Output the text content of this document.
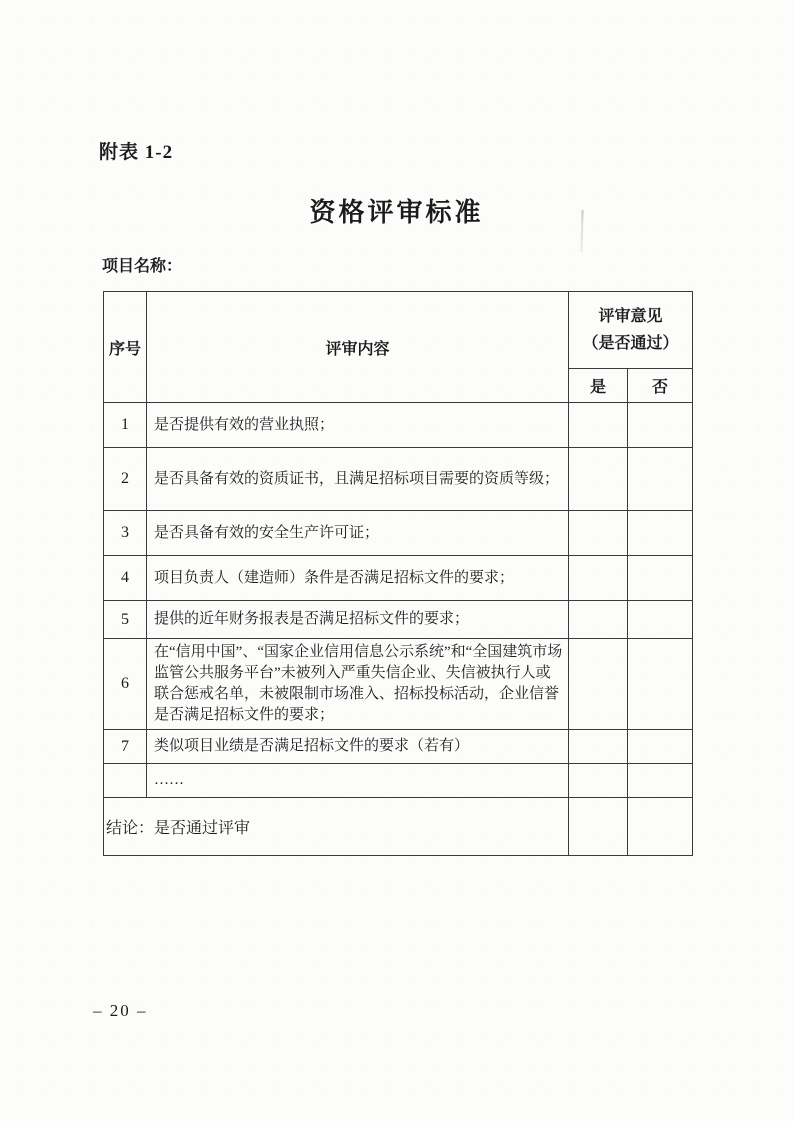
附表 1-2
资格评审标准
项目名称：
序号	评审内容	评审意见
（是否通过）	

		是	否
1	是否提供有效的营业执照；		
2	是否具备有效的资质证书，且满足招标项目需要的资质等级；		
3	是否具备有效的安全生产许可证；		
4	项目负责人（建造师）条件是否满足招标文件的要求；		
5	提供的近年财务报表是否满足招标文件的要求；		
6	在“信用中国”、“国家企业信用信息公示系统”和“全国建筑市场监管公共服务平台”未被列入严重失信企业、失信被执行人或联合惩戒名单，未被限制市场准入、招标投标活动，企业信誉是否满足招标文件的要求；		
7	类似项目业绩是否满足招标文件的要求（若有）		
	……		
结论：是否通过评审			
– 20 –
